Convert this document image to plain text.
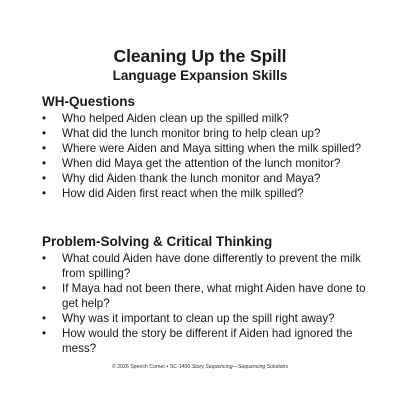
Cleaning Up the Spill
Language Expansion Skills
WH-Questions
•	Who helped Aiden clean up the spilled milk?
•	What did the lunch monitor bring to help clean up?
•	Where were Aiden and Maya sitting when the milk spilled?
•	When did Maya get the attention of the lunch monitor?
•	Why did Aiden thank the lunch monitor and Maya?
•	How did Aiden first react when the milk spilled?
Problem-Solving & Critical Thinking
•	What could Aiden have done differently to prevent the milk from spilling?
•	If Maya had not been there, what might Aiden have done to get help?
•	Why was it important to clean up the spill right away?
•	How would the story be different if Aiden had ignored the mess?
© 2026 Speech Corner • SC-1400 Story Sequencing—Sequencing Solutions
